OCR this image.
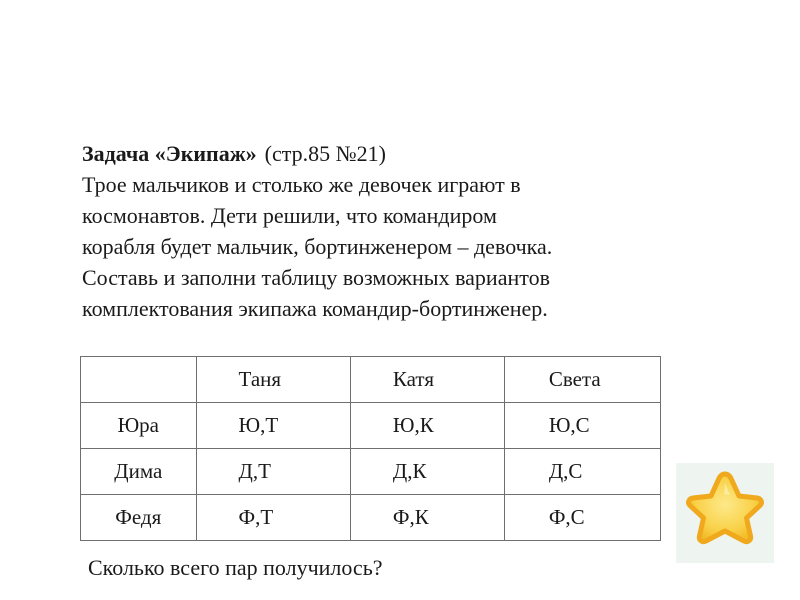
Задача «Экипаж» (стр.85 №21)
Трое мальчиков и столько же девочек играют в
космонавтов. Дети решили, что командиром
корабля будет мальчик, бортинженером – девочка.
Составь и заполни таблицу возможных вариантов
комплектования экипажа командир-бортинженер.
	Таня	Катя	Света
Юра	Ю,Т	Ю,К	Ю,С
Дима	Д,Т	Д,К	Д,С
Федя	Ф,Т	Ф,К	Ф,С
Сколько всего пар получилось?
